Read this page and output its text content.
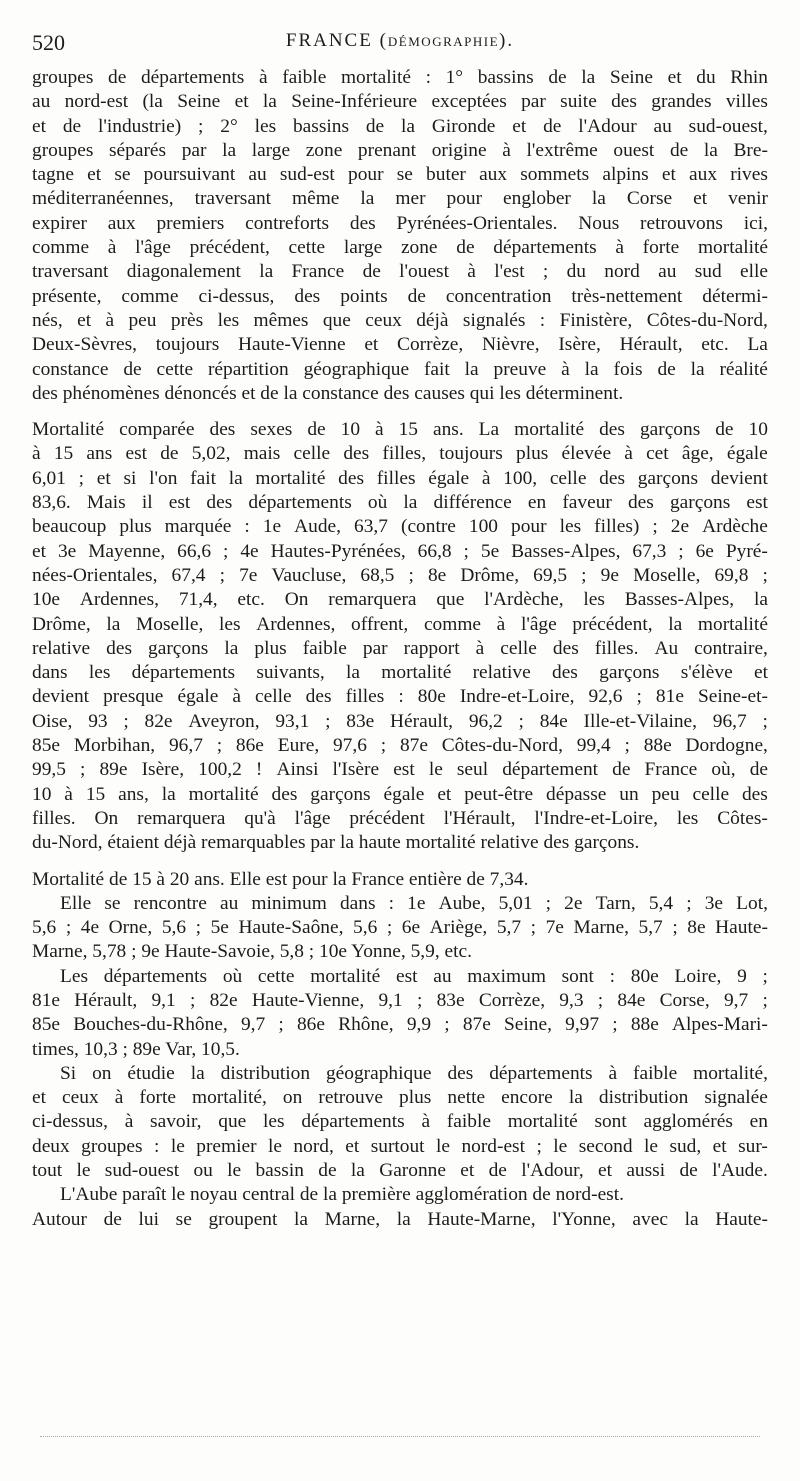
520	FRANCE (DÉMOGRAPHIE).
groupes de départements à faible mortalité : 1° bassins de la Seine et du Rhin
au nord-est (la Seine et la Seine-Inférieure exceptées par suite des grandes villes
et de l'industrie) ; 2° les bassins de la Gironde et de l'Adour au sud-ouest,
groupes séparés par la large zone prenant origine à l'extrême ouest de la Bre-
tagne et se poursuivant au sud-est pour se buter aux sommets alpins et aux rives
méditerranéennes, traversant même la mer pour englober la Corse et venir
expirer aux premiers contreforts des Pyrénées-Orientales. Nous retrouvons ici,
comme à l'âge précédent, cette large zone de départements à forte mortalité
traversant diagonalement la France de l'ouest à l'est ; du nord au sud elle
présente, comme ci-dessus, des points de concentration très-nettement détermi-
nés, et à peu près les mêmes que ceux déjà signalés : Finistère, Côtes-du-Nord,
Deux-Sèvres, toujours Haute-Vienne et Corrèze, Nièvre, Isère, Hérault, etc. La
constance de cette répartition géographique fait la preuve à la fois de la réalité
des phénomènes dénoncés et de la constance des causes qui les déterminent.
Mortalité comparée des sexes de 10 à 15 ans. La mortalité des garçons de 10
à 15 ans est de 5,02, mais celle des filles, toujours plus élevée à cet âge, égale
6,01 ; et si l'on fait la mortalité des filles égale à 100, celle des garçons devient
83,6. Mais il est des départements où la différence en faveur des garçons est
beaucoup plus marquée : 1e Aude, 63,7 (contre 100 pour les filles) ; 2e Ardèche
et 3e Mayenne, 66,6 ; 4e Hautes-Pyrénées, 66,8 ; 5e Basses-Alpes, 67,3 ; 6e Pyré-
nées-Orientales, 67,4 ; 7e Vaucluse, 68,5 ; 8e Drôme, 69,5 ; 9e Moselle, 69,8 ;
10e Ardennes, 71,4, etc. On remarquera que l'Ardèche, les Basses-Alpes, la
Drôme, la Moselle, les Ardennes, offrent, comme à l'âge précédent, la mortalité
relative des garçons la plus faible par rapport à celle des filles. Au contraire,
dans les départements suivants, la mortalité relative des garçons s'élève et
devient presque égale à celle des filles : 80e Indre-et-Loire, 92,6 ; 81e Seine-et-
Oise, 93 ; 82e Aveyron, 93,1 ; 83e Hérault, 96,2 ; 84e Ille-et-Vilaine, 96,7 ;
85e Morbihan, 96,7 ; 86e Eure, 97,6 ; 87e Côtes-du-Nord, 99,4 ; 88e Dordogne,
99,5 ; 89e Isère, 100,2 ! Ainsi l'Isère est le seul département de France où, de
10 à 15 ans, la mortalité des garçons égale et peut-être dépasse un peu celle des
filles. On remarquera qu'à l'âge précédent l'Hérault, l'Indre-et-Loire, les Côtes-
du-Nord, étaient déjà remarquables par la haute mortalité relative des garçons.
Mortalité de 15 à 20 ans. Elle est pour la France entière de 7,34.
Elle se rencontre au minimum dans : 1e Aube, 5,01 ; 2e Tarn, 5,4 ; 3e Lot,
5,6 ; 4e Orne, 5,6 ; 5e Haute-Saône, 5,6 ; 6e Ariège, 5,7 ; 7e Marne, 5,7 ; 8e Haute-
Marne, 5,78 ; 9e Haute-Savoie, 5,8 ; 10e Yonne, 5,9, etc.
Les départements où cette mortalité est au maximum sont : 80e Loire, 9 ;
81e Hérault, 9,1 ; 82e Haute-Vienne, 9,1 ; 83e Corrèze, 9,3 ; 84e Corse, 9,7 ;
85e Bouches-du-Rhône, 9,7 ; 86e Rhône, 9,9 ; 87e Seine, 9,97 ; 88e Alpes-Mari-
times, 10,3 ; 89e Var, 10,5.
Si on étudie la distribution géographique des départements à faible mortalité,
et ceux à forte mortalité, on retrouve plus nette encore la distribution signalée
ci-dessus, à savoir, que les départements à faible mortalité sont agglomérés en
deux groupes : le premier le nord, et surtout le nord-est ; le second le sud, et sur-
tout le sud-ouest ou le bassin de la Garonne et de l'Adour, et aussi de l'Aude.
L'Aube paraît le noyau central de la première agglomération de nord-est.
Autour de lui se groupent la Marne, la Haute-Marne, l'Yonne, avec la Haute-
